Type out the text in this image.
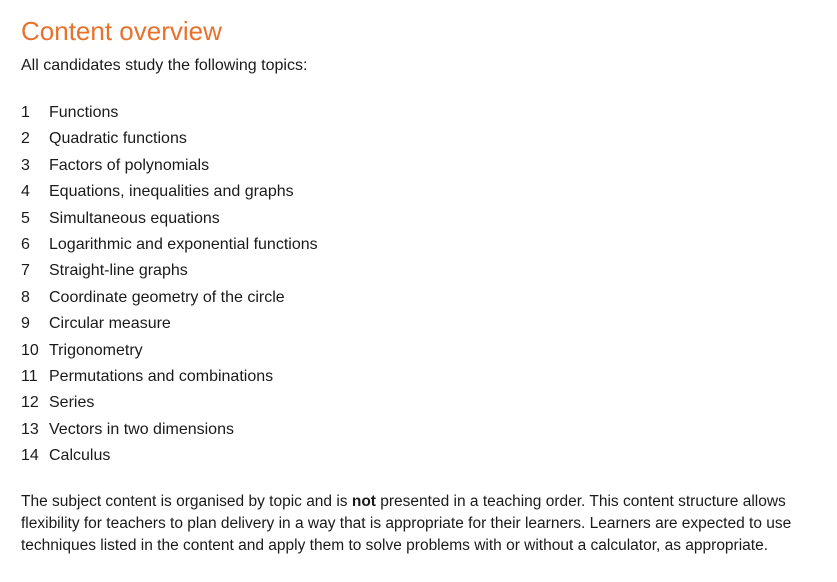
Content overview

All candidates study the following topics:

1	Functions
2	Quadratic functions
3	Factors of polynomials
4	Equations, inequalities and graphs
5	Simultaneous equations
6	Logarithmic and exponential functions
7	Straight-line graphs
8	Coordinate geometry of the circle
9	Circular measure
10 Trigonometry
11 Permutations and combinations
12 Series
13 Vectors in two dimensions
14 Calculus

The subject content is organised by topic and is not presented in a teaching order. This content structure allows flexibility for teachers to plan delivery in a way that is appropriate for their learners. Learners are expected to use techniques listed in the content and apply them to solve problems with or without a calculator, as appropriate.
